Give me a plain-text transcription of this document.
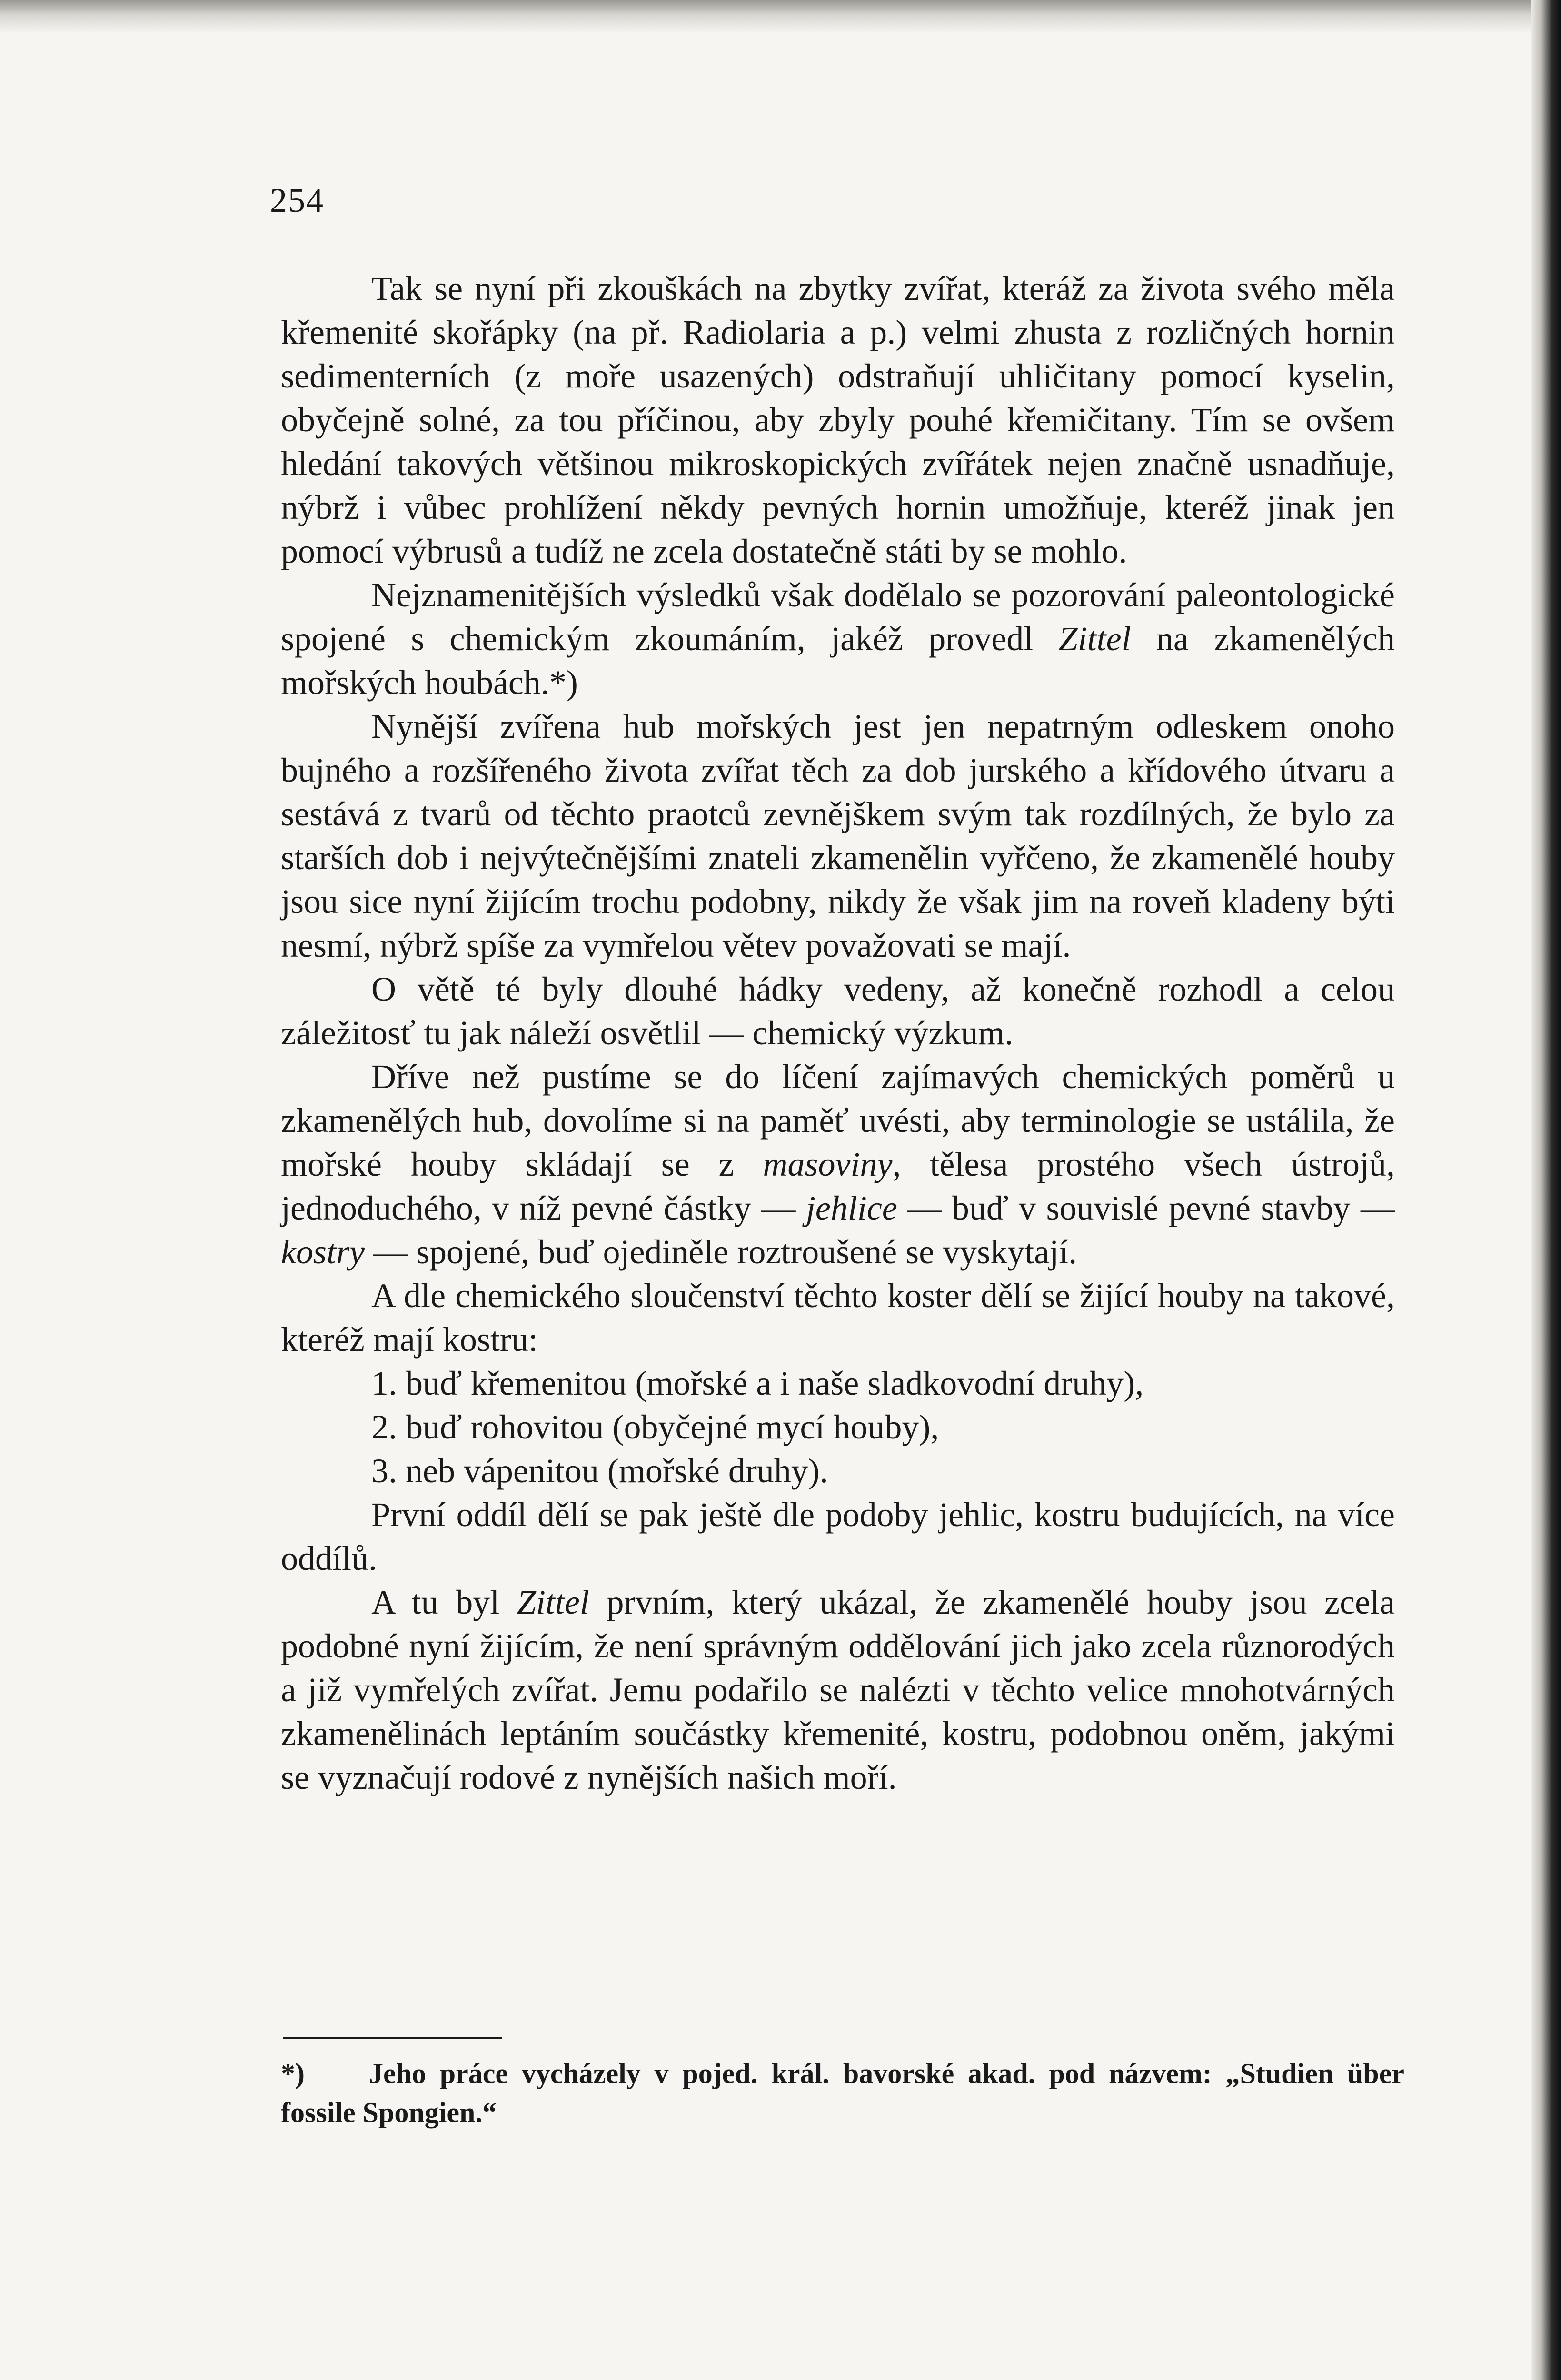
254

Tak se nyní při zkouškách na zbytky zvířat, kteráž za života svého měla křemenité skořápky (na př. Radiolaria a p.) velmi zhusta z rozličných hornin sedimenterních (z moře usazených) odstraňují uhličitany pomocí kyselin, obyčejně solné, za tou příčinou, aby zbyly pouhé křemičitany. Tím se ovšem hledání takových většinou mikroskopických zvířátek nejen značně usnadňuje, nýbrž i vůbec prohlížení někdy pevných hornin umožňuje, kteréž jinak jen pomocí výbrusů a tudíž ne zcela dostatečně státi by se mohlo.

Nejznamenitějších výsledků však dodělalo se pozorování paleontologické spojené s chemickým zkoumáním, jakéž provedl Zittel na zkamenělých mořských houbách.*)

Nynější zvířena hub mořských jest jen nepatrným odleskem onoho bujného a rozšířeného života zvířat těch za dob jurského a křídového útvaru a sestává z tvarů od těchto praotců zevnějškem svým tak rozdílných, že bylo za starších dob i nejvýtečnějšími znateli zkamenělin vyřčeno, že zkamenělé houby jsou sice nyní žijícím trochu podobny, nikdy že však jim na roveň kladeny býti nesmí, nýbrž spíše za vymřelou větev považovati se mají.

O větě té byly dlouhé hádky vedeny, až konečně rozhodl a celou záležitosť tu jak náleží osvětlil — chemický výzkum.

Dříve než pustíme se do líčení zajímavých chemických poměrů u zkamenělých hub, dovolíme si na paměť uvésti, aby terminologie se ustálila, že mořské houby skládají se z masoviny, tělesa prostého všech ústrojů, jednoduchého, v níž pevné částky — jehlice — buď v souvislé pevné stavby — kostry — spojené, buď ojediněle roztroušené se vyskytají.

A dle chemického sloučenství těchto koster dělí se žijící houby na takové, kteréž mají kostru:

1. buď křemenitou (mořské a i naše sladkovodní druhy),
2. buď rohovitou (obyčejné mycí houby),
3. neb vápenitou (mořské druhy).

První oddíl dělí se pak ještě dle podoby jehlic, kostru budujících, na více oddílů.

A tu byl Zittel prvním, který ukázal, že zkamenělé houby jsou zcela podobné nyní žijícím, že není správným oddělování jich jako zcela různorodých a již vymřelých zvířat. Jemu podařilo se nalézti v těchto velice mnohotvárných zkamenělinách leptáním součástky křemenité, kostru, podobnou oněm, jakými se vyznačují rodové z nynějších našich moří.

*) Jeho práce vycházely v pojed. král. bavorské akad. pod názvem: „Studien über fossile Spongien.“
